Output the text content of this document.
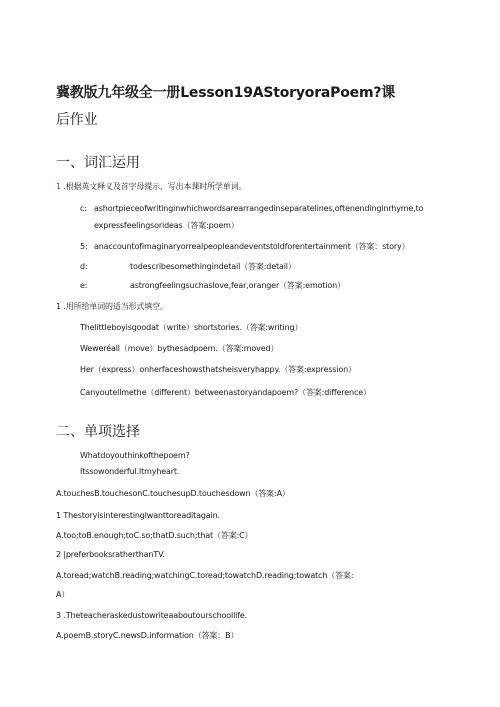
冀教版九年级全一册Lesson19AStoryoraPoem?课
后作业
一、词汇运用
1 .根据英文释义及首字母提示，写出本课时所学单词。
c: ashortpieceofwritinginwhichwordsarearrangedinseparatelines,oftenendinginrhyme,to
expressfeelingsorideas（答案:poem）
5: anaccountofimaginaryorrealpeopleandeventstoldforentertainment（答案：story）
d:	todescribesomethingindetail（答案:detail）
e:	astrongfeelingsuchaslove,fear,oranger（答案:emotion）
1 .用所给单词的适当形式填空。
Thelittleboyisgoodat（write）shortstories.（答案:writing）
Weweréall（move）bythesadpoem.（答案:moved）
Her（express）onherfaceshowsthatsheisveryhappy.（答案:expression）
Canyoutellmethe（different）betweenastoryandapoem?（答案:difference）
二、单项选择
Whatdoyouthinkofthepoem?
Itssowonderful.Itmyheart.
A.touchesB.touchesonC.touchesupD.touchesdown（答案:A）
1 Thestoryisinterestinglwanttoreaditagain.
A.too;toB.enough;toC.so;thatD.such;that（答案:C）
2 |preferbooksratherthanTV.
A.toread;watchB.reading;watchingC.toread;towatchD.reading;towatch（答案:
A）
3 .Theteacheraskedustowriteaaboutourschoollife.
A.poemB.storyC.newsD.information（答案：B）
